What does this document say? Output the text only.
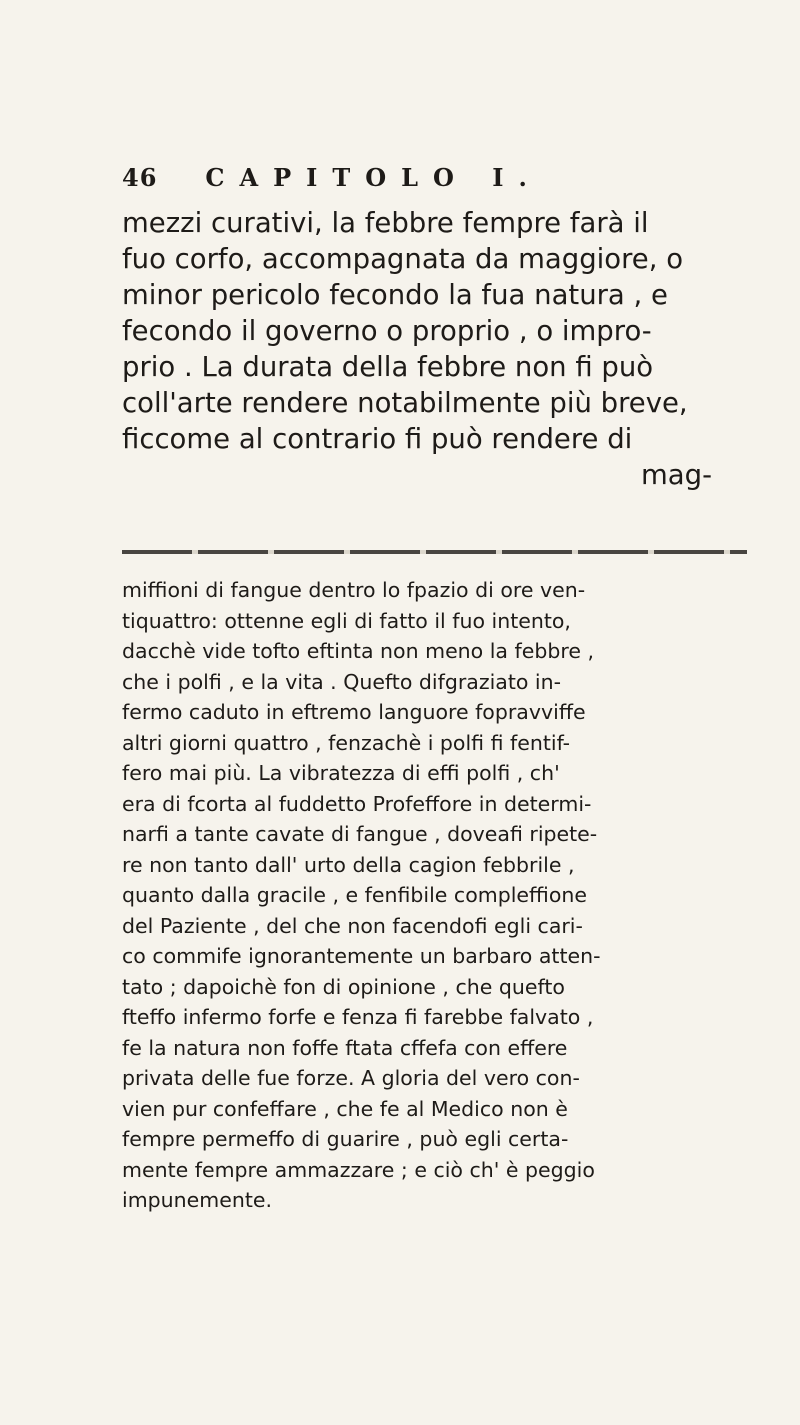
46 CAPITOLO I.

mezzi curativi, la febbre fempre farà il
fuo corfo, accompagnata da maggiore, o
minor pericolo fecondo la fua natura , e
fecondo il governo o proprio , o impro-
prio . La durata della febbre non fi può
coll'arte rendere notabilmente più breve,
ficcome al contrario fi può rendere di
mag-

miffioni di fangue dentro lo fpazio di ore ven-
tiquattro: ottenne egli di fatto il fuo intento,
dacchè vide tofto eftinta non meno la febbre ,
che i polfi , e la vita . Quefto difgraziato in-
fermo caduto in eftremo languore fopravviffe
altri giorni quattro , fenzachè i polfi fi fentif-
fero mai più. La vibratezza di effi polfi , ch'
era di fcorta al fuddetto Profeffore in determi-
narfi a tante cavate di fangue , doveafi ripete-
re non tanto dall' urto della cagion febbrile ,
quanto dalla gracile , e fenfibile compleffione
del Paziente , del che non facendofi egli cari-
co commife ignorantemente un barbaro atten-
tato ; dapoichè fon di opinione , che quefto
fteffo infermo forfe e fenza fi farebbe falvato ,
fe la natura non foffe ftata cffefa con effere
privata delle fue forze. A gloria del vero con-
vien pur confeffare , che fe al Medico non è
fempre permeffo di guarire , può egli certa-
mente fempre ammazzare ; e ciò ch' è peggio
impunemente.
